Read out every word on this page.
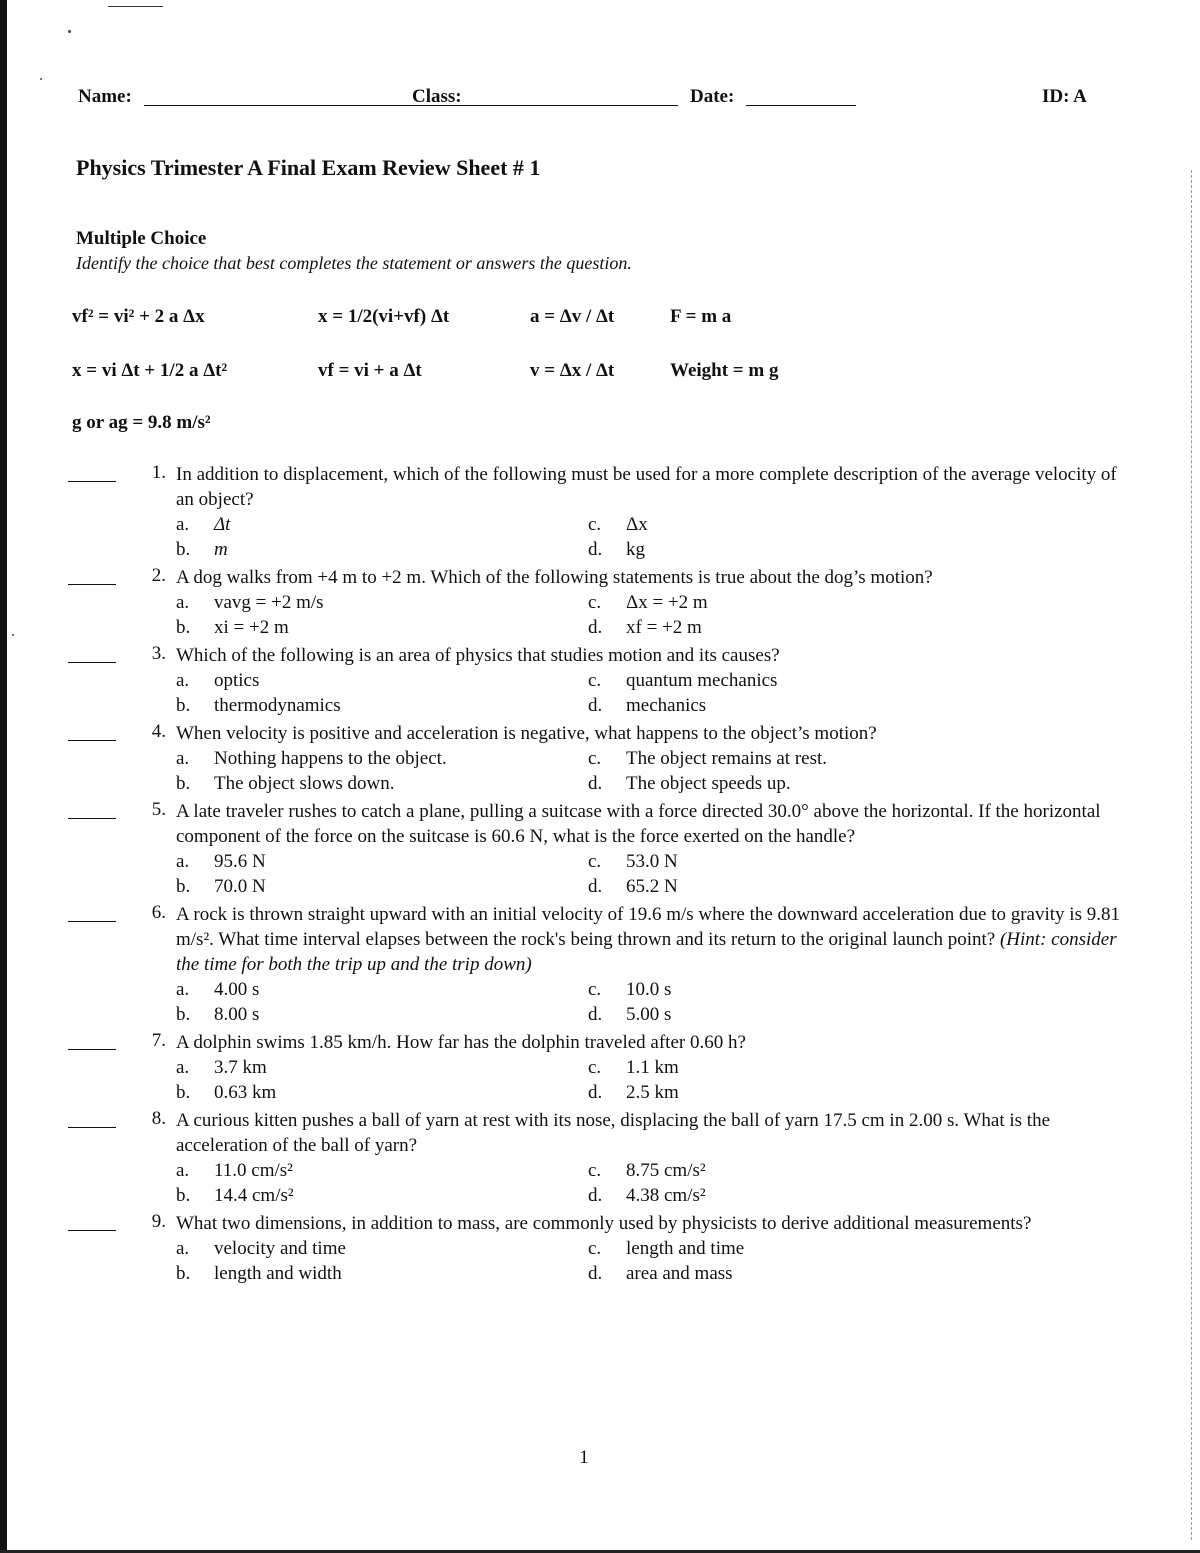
Name:	Class:	Date:	ID: A
Physics Trimester A Final Exam Review Sheet # 1
Multiple Choice
Identify the choice that best completes the statement or answers the question.
vf² = vi² + 2 a Δx	x = 1/2(vi+vf) Δt	a = Δv / Δt	F = m a
x = vi Δt + 1/2 a Δt²	vf = vi + a Δt	v = Δx / Δt	Weight = m g
g or ag = 9.8 m/s²
1. In addition to displacement, which of the following must be used for a more complete description of the average velocity of an object?
a.	Δt	c.	Δx
b.	m	d.	kg
2. A dog walks from +4 m to +2 m. Which of the following statements is true about the dog’s motion?
a.	vavg = +2 m/s	c.	Δx = +2 m
b.	xi = +2 m	d.	xf = +2 m
3. Which of the following is an area of physics that studies motion and its causes?
a.	optics	c.	quantum mechanics
b.	thermodynamics	d.	mechanics
4. When velocity is positive and acceleration is negative, what happens to the object’s motion?
a.	Nothing happens to the object.	c.	The object remains at rest.
b.	The object slows down.	d.	The object speeds up.
5. A late traveler rushes to catch a plane, pulling a suitcase with a force directed 30.0° above the horizontal. If the horizontal component of the force on the suitcase is 60.6 N, what is the force exerted on the handle?
a.	95.6 N	c.	53.0 N
b.	70.0 N	d.	65.2 N
6. A rock is thrown straight upward with an initial velocity of 19.6 m/s where the downward acceleration due to gravity is 9.81 m/s². What time interval elapses between the rock's being thrown and its return to the original launch point? (Hint: consider the time for both the trip up and the trip down)
a.	4.00 s	c.	10.0 s
b.	8.00 s	d.	5.00 s
7. A dolphin swims 1.85 km/h. How far has the dolphin traveled after 0.60 h?
a.	3.7 km	c.	1.1 km
b.	0.63 km	d.	2.5 km
8. A curious kitten pushes a ball of yarn at rest with its nose, displacing the ball of yarn 17.5 cm in 2.00 s. What is the acceleration of the ball of yarn?
a.	11.0 cm/s²	c.	8.75 cm/s²
b.	14.4 cm/s²	d.	4.38 cm/s²
9. What two dimensions, in addition to mass, are commonly used by physicists to derive additional measurements?
a.	velocity and time	c.	length and time
b.	length and width	d.	area and mass
1
